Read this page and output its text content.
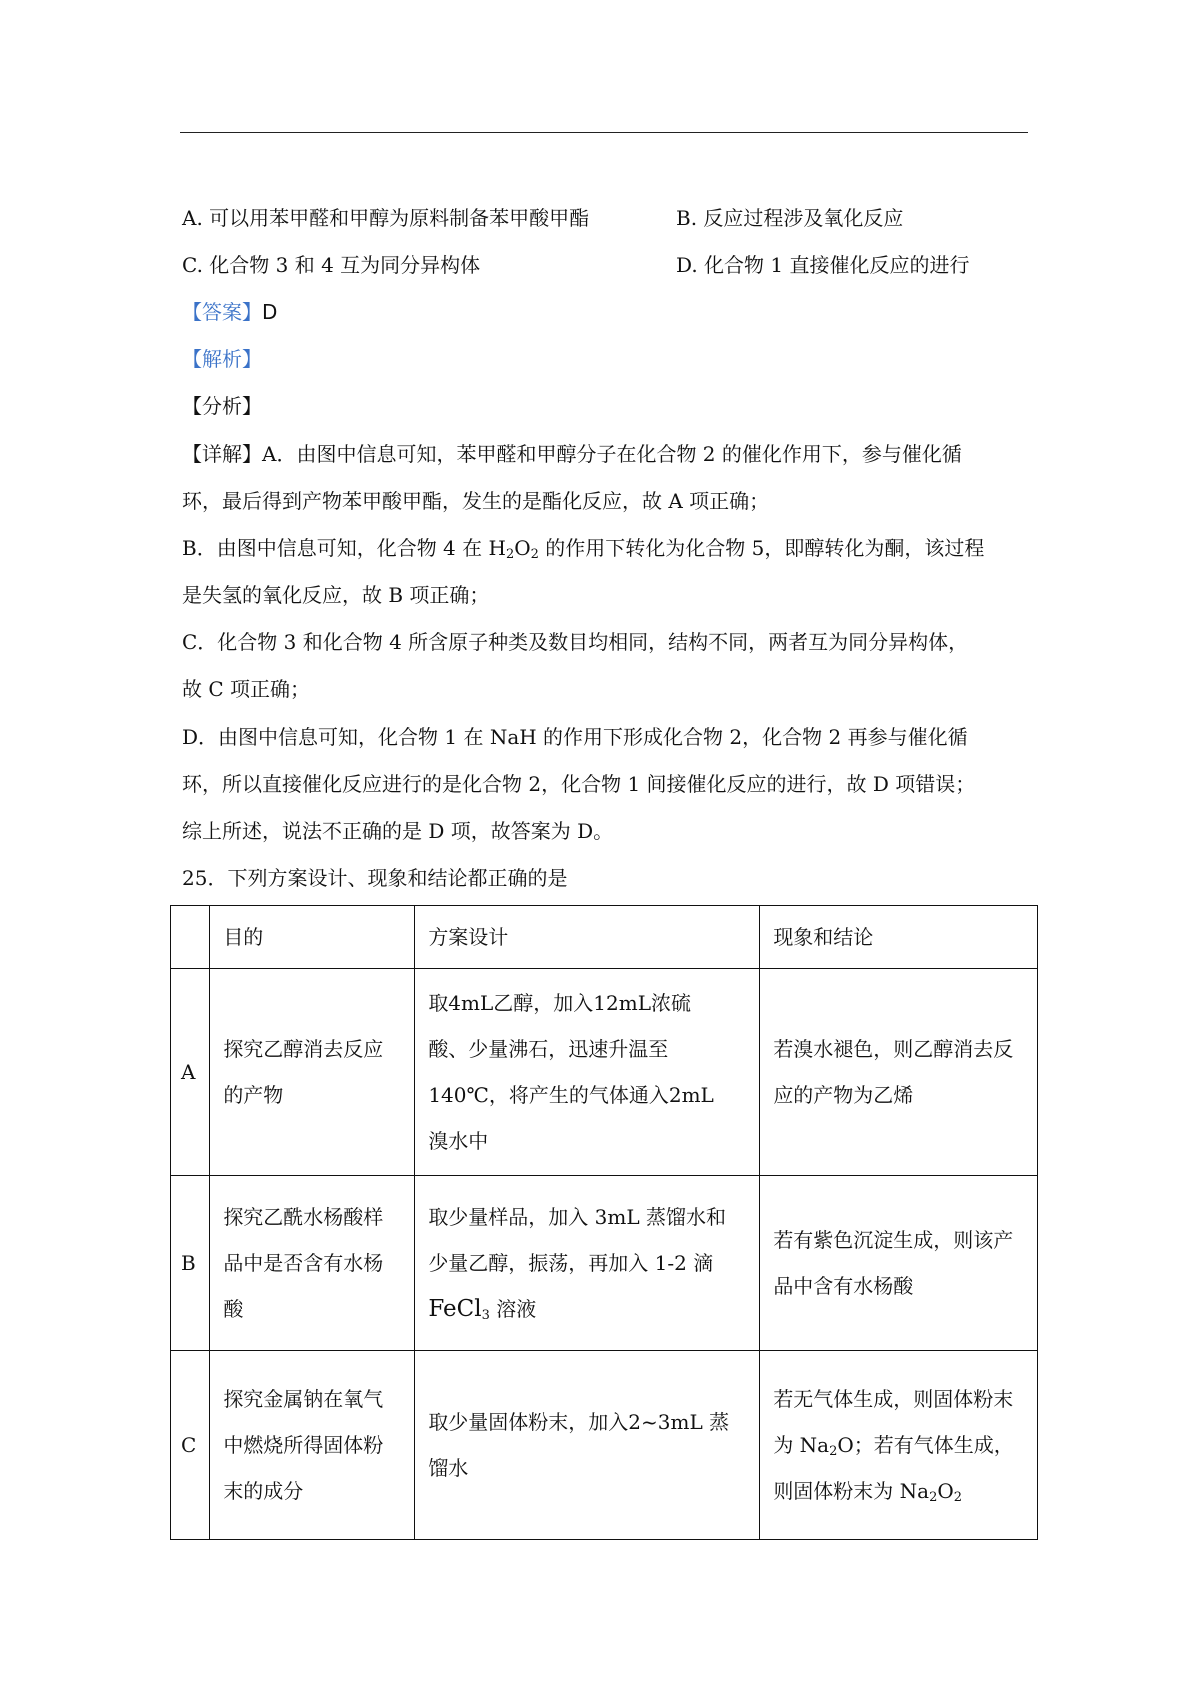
A. 可以用苯甲醛和甲醇为原料制备苯甲酸甲酯	B. 反应过程涉及氧化反应
C. 化合物 3 和 4 互为同分异构体	D. 化合物 1 直接催化反应的进行
【答案】D
【解析】
【分析】
【详解】A．由图中信息可知，苯甲醛和甲醇分子在化合物 2 的催化作用下，参与催化循
环，最后得到产物苯甲酸甲酯，发生的是酯化反应，故 A 项正确；
B．由图中信息可知，化合物 4 在 $H_2O_2$ 的作用下转化为化合物 5，即醇转化为酮，该过程
是失氢的氧化反应，故 B 项正确；
C．化合物 3 和化合物 4 所含原子种类及数目均相同，结构不同，两者互为同分异构体，
故 C 项正确；
D．由图中信息可知，化合物 1 在 NaH 的作用下形成化合物 2，化合物 2 再参与催化循
环，所以直接催化反应进行的是化合物 2，化合物 1 间接催化反应的进行，故 D 项错误；
综上所述，说法不正确的是 D 项，故答案为 D。
25．下列方案设计、现象和结论都正确的是
	目的	方案设计	现象和结论
A	探究乙醇消去反应
的产物	取4mL乙醇，加入12mL浓硫
酸、少量沸石，迅速升温至
140℃，将产生的气体通入2mL
溴水中	若溴水褪色，则乙醇消去反
应的产物为乙烯

B	探究乙酰水杨酸样
品中是否含有水杨
酸	取少量样品，加入 3mL 蒸馏水和
少量乙醇，振荡，再加入 1-2 滴
FeCl$_3$ 溶液	若有紫色沉淀生成，则该产
品中含有水杨酸

C	探究金属钠在氧气
中燃烧所得固体粉
末的成分	取少量固体粉末，加入2~3mL 蒸
馏水	若无气体生成，则固体粉末
为 $Na_2O$；若有气体生成，
则固体粉末为 $Na_2O_2$
